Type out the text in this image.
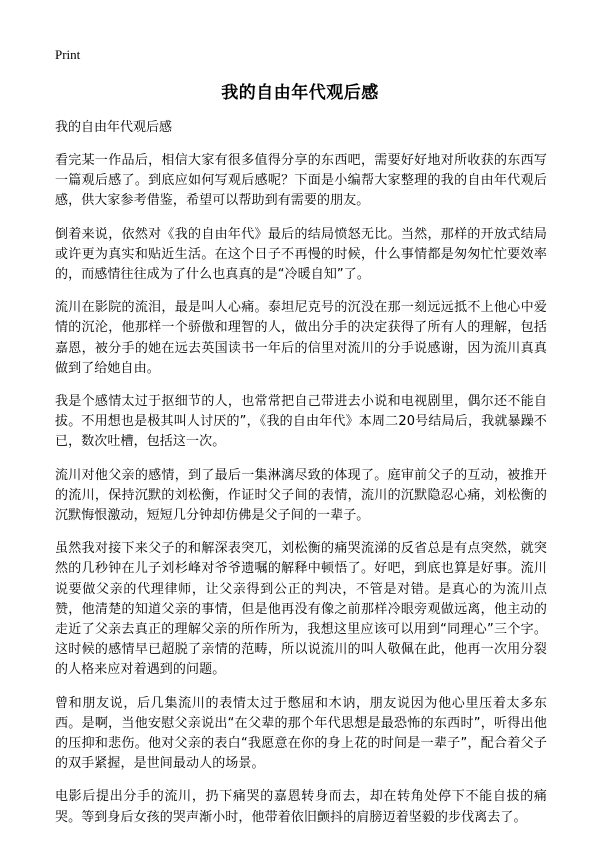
Print
我的自由年代观后感
我的自由年代观后感

看完某一作品后，相信大家有很多值得分享的东西吧，需要好好地对所收获的东西写一篇观后感了。到底应如何写观后感呢？下面是小编帮大家整理的我的自由年代观后感，供大家参考借鉴，希望可以帮助到有需要的朋友。

倒着来说，依然对《我的自由年代》最后的结局愤怒无比。当然，那样的开放式结局或许更为真实和贴近生活。在这个日子不再慢的时候，什么事情都是匆匆忙忙要效率的，而感情往往成为了什么也真真的是“冷暖自知”了。

流川在影院的流泪，最是叫人心痛。泰坦尼克号的沉没在那一刻远远抵不上他心中爱情的沉沦，他那样一个骄傲和理智的人，做出分手的决定获得了所有人的理解，包括嘉恩，被分手的她在远去英国读书一年后的信里对流川的分手说感谢，因为流川真真做到了给她自由。

我是个感情太过于抠细节的人，也常常把自己带进去小说和电视剧里，偶尔还不能自拔。不用想也是极其叫人讨厌的”，《我的自由年代》本周二20号结局后，我就暴躁不已，数次吐槽，包括这一次。

流川对他父亲的感情，到了最后一集淋漓尽致的体现了。庭审前父子的互动，被推开的流川，保持沉默的刘松衡，作证时父子间的表情，流川的沉默隐忍心痛，刘松衡的沉默悔恨激动，短短几分钟却仿佛是父子间的一辈子。

虽然我对接下来父子的和解深表突兀，刘松衡的痛哭流涕的反省总是有点突然，就突然的几秒钟在儿子刘杉峰对爷爷遗嘱的解释中顿悟了。好吧，到底也算是好事。流川说要做父亲的代理律师，让父亲得到公正的判决，不管是对错。是真心的为流川点赞，他清楚的知道父亲的事情，但是他再没有像之前那样冷眼旁观做远离，他主动的走近了父亲去真正的理解父亲的所作所为，我想这里应该可以用到“同理心”三个字。这时候的感情早已超脱了亲情的范畴，所以说流川的叫人敬佩在此，他再一次用分裂的人格来应对着遇到的问题。

曾和朋友说，后几集流川的表情太过于憋屈和木讷，朋友说因为他心里压着太多东西。是啊，当他安慰父亲说出“在父辈的那个年代思想是最恐怖的东西时”，听得出他的压抑和悲伤。他对父亲的表白“我愿意在你的身上花的时间是一辈子”，配合着父子的双手紧握，是世间最动人的场景。

电影后提出分手的流川，扔下痛哭的嘉恩转身而去，却在转角处停下不能自拔的痛哭。等到身后女孩的哭声渐小时，他带着依旧颤抖的肩膀迈着坚毅的步伐离去了。
